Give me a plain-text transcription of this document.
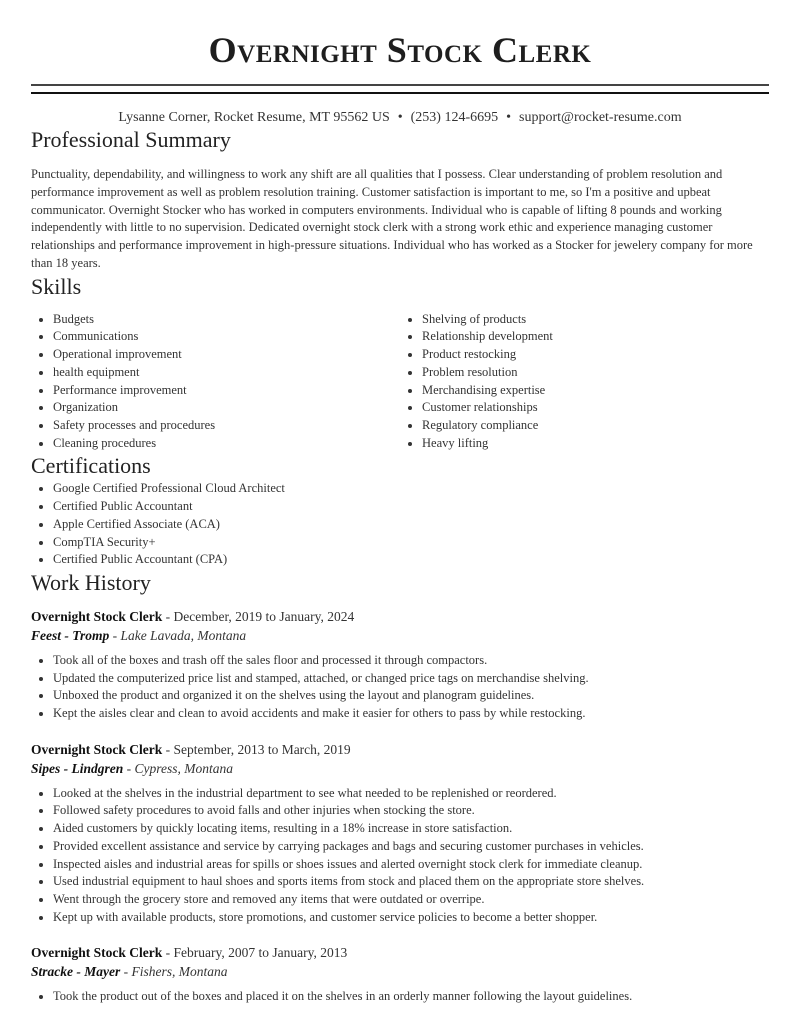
Overnight Stock Clerk
Lysanne Corner, Rocket Resume, MT 95562 US • (253) 124-6695 • support@rocket-resume.com
Professional Summary
Punctuality, dependability, and willingness to work any shift are all qualities that I possess. Clear understanding of problem resolution and performance improvement as well as problem resolution training. Customer satisfaction is important to me, so I'm a positive and upbeat communicator. Overnight Stocker who has worked in computers environments. Individual who is capable of lifting 8 pounds and working independently with little to no supervision. Dedicated overnight stock clerk with a strong work ethic and experience managing customer relationships and performance improvement in high-pressure situations. Individual who has worked as a Stocker for jewelery company for more than 18 years.
Skills
• Budgets
• Communications
• Operational improvement
• health equipment
• Performance improvement
• Organization
• Safety processes and procedures
• Cleaning procedures
• Shelving of products
• Relationship development
• Product restocking
• Problem resolution
• Merchandising expertise
• Customer relationships
• Regulatory compliance
• Heavy lifting
Certifications
• Google Certified Professional Cloud Architect
• Certified Public Accountant
• Apple Certified Associate (ACA)
• CompTIA Security+
• Certified Public Accountant (CPA)
Work History
Overnight Stock Clerk - December, 2019 to January, 2024
Feest - Tromp - Lake Lavada, Montana
• Took all of the boxes and trash off the sales floor and processed it through compactors.
• Updated the computerized price list and stamped, attached, or changed price tags on merchandise shelving.
• Unboxed the product and organized it on the shelves using the layout and planogram guidelines.
• Kept the aisles clear and clean to avoid accidents and make it easier for others to pass by while restocking.
Overnight Stock Clerk - September, 2013 to March, 2019
Sipes - Lindgren - Cypress, Montana
• Looked at the shelves in the industrial department to see what needed to be replenished or reordered.
• Followed safety procedures to avoid falls and other injuries when stocking the store.
• Aided customers by quickly locating items, resulting in a 18% increase in store satisfaction.
• Provided excellent assistance and service by carrying packages and bags and securing customer purchases in vehicles.
• Inspected aisles and industrial areas for spills or shoes issues and alerted overnight stock clerk for immediate cleanup.
• Used industrial equipment to haul shoes and sports items from stock and placed them on the appropriate store shelves.
• Went through the grocery store and removed any items that were outdated or overripe.
• Kept up with available products, store promotions, and customer service policies to become a better shopper.
Overnight Stock Clerk - February, 2007 to January, 2013
Stracke - Mayer - Fishers, Montana
• Took the product out of the boxes and placed it on the shelves in an orderly manner following the layout guidelines.
